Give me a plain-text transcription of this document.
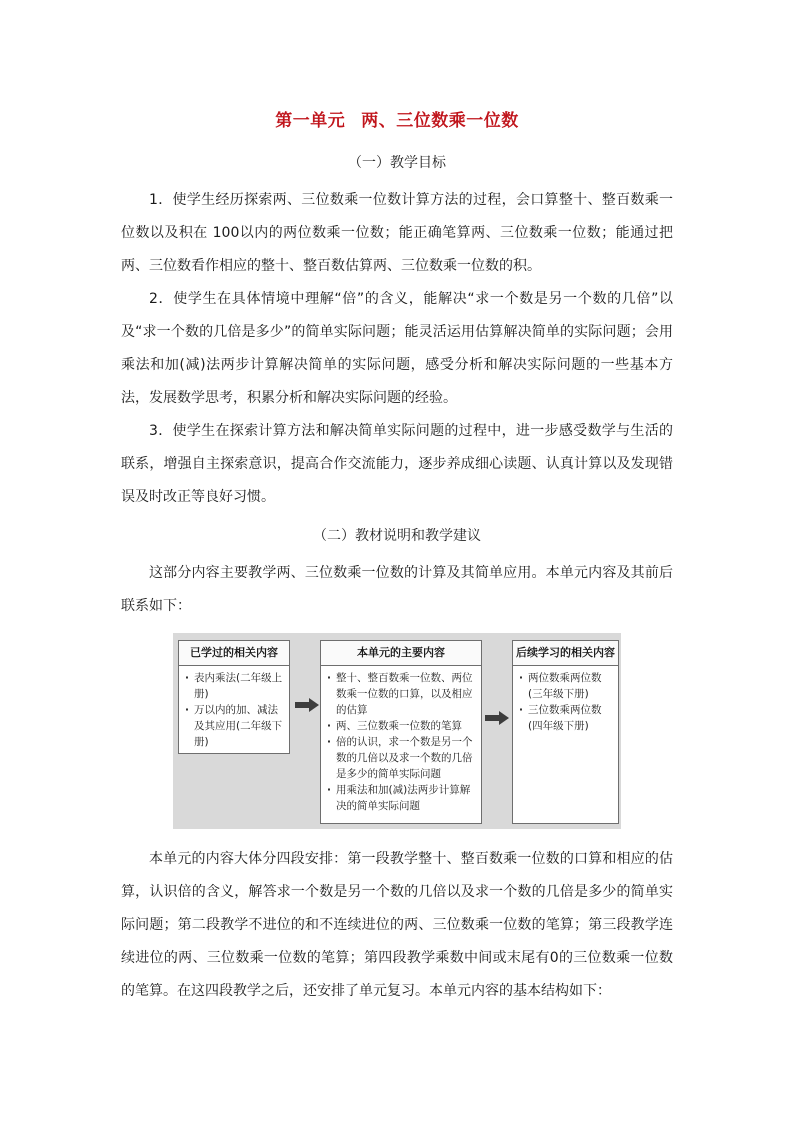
第一单元 两、三位数乘一位数
（一）教学目标

1．使学生经历探索两、三位数乘一位数计算方法的过程，会口算整十、整百数乘一位数以及积在 100以内的两位数乘一位数；能正确笔算两、三位数乘一位数；能通过把两、三位数看作相应的整十、整百数估算两、三位数乘一位数的积。

2．使学生在具体情境中理解“倍”的含义，能解决“求一个数是另一个数的几倍”以及“求一个数的几倍是多少”的简单实际问题；能灵活运用估算解决简单的实际问题；会用乘法和加(减)法两步计算解决简单的实际问题，感受分析和解决实际问题的一些基本方法，发展数学思考，积累分析和解决实际问题的经验。

3．使学生在探索计算方法和解决简单实际问题的过程中，进一步感受数学与生活的联系，增强自主探索意识，提高合作交流能力，逐步养成细心读题、认真计算以及发现错误及时改正等良好习惯。

（二）教材说明和教学建议

这部分内容主要教学两、三位数乘一位数的计算及其简单应用。本单元内容及其前后联系如下：

已学过的相关内容
· 表内乘法(二年级上册)
· 万以内的加、减法及其应用(二年级下册)
本单元的主要内容
· 整十、整百数乘一位数、两位数乘一位数的口算，以及相应的估算
· 两、三位数乘一位数的笔算
· 倍的认识，求一个数是另一个数的几倍以及求一个数的几倍是多少的简单实际问题
· 用乘法和加(减)法两步计算解决的简单实际问题
后续学习的相关内容
· 两位数乘两位数(三年级下册)
· 三位数乘两位数(四年级下册)

本单元的内容大体分四段安排：第一段教学整十、整百数乘一位数的口算和相应的估算，认识倍的含义，解答求一个数是另一个数的几倍以及求一个数的几倍是多少的简单实际问题；第二段教学不进位的和不连续进位的两、三位数乘一位数的笔算；第三段教学连续进位的两、三位数乘一位数的笔算；第四段教学乘数中间或末尾有0的三位数乘一位数的笔算。在这四段教学之后，还安排了单元复习。本单元内容的基本结构如下：
